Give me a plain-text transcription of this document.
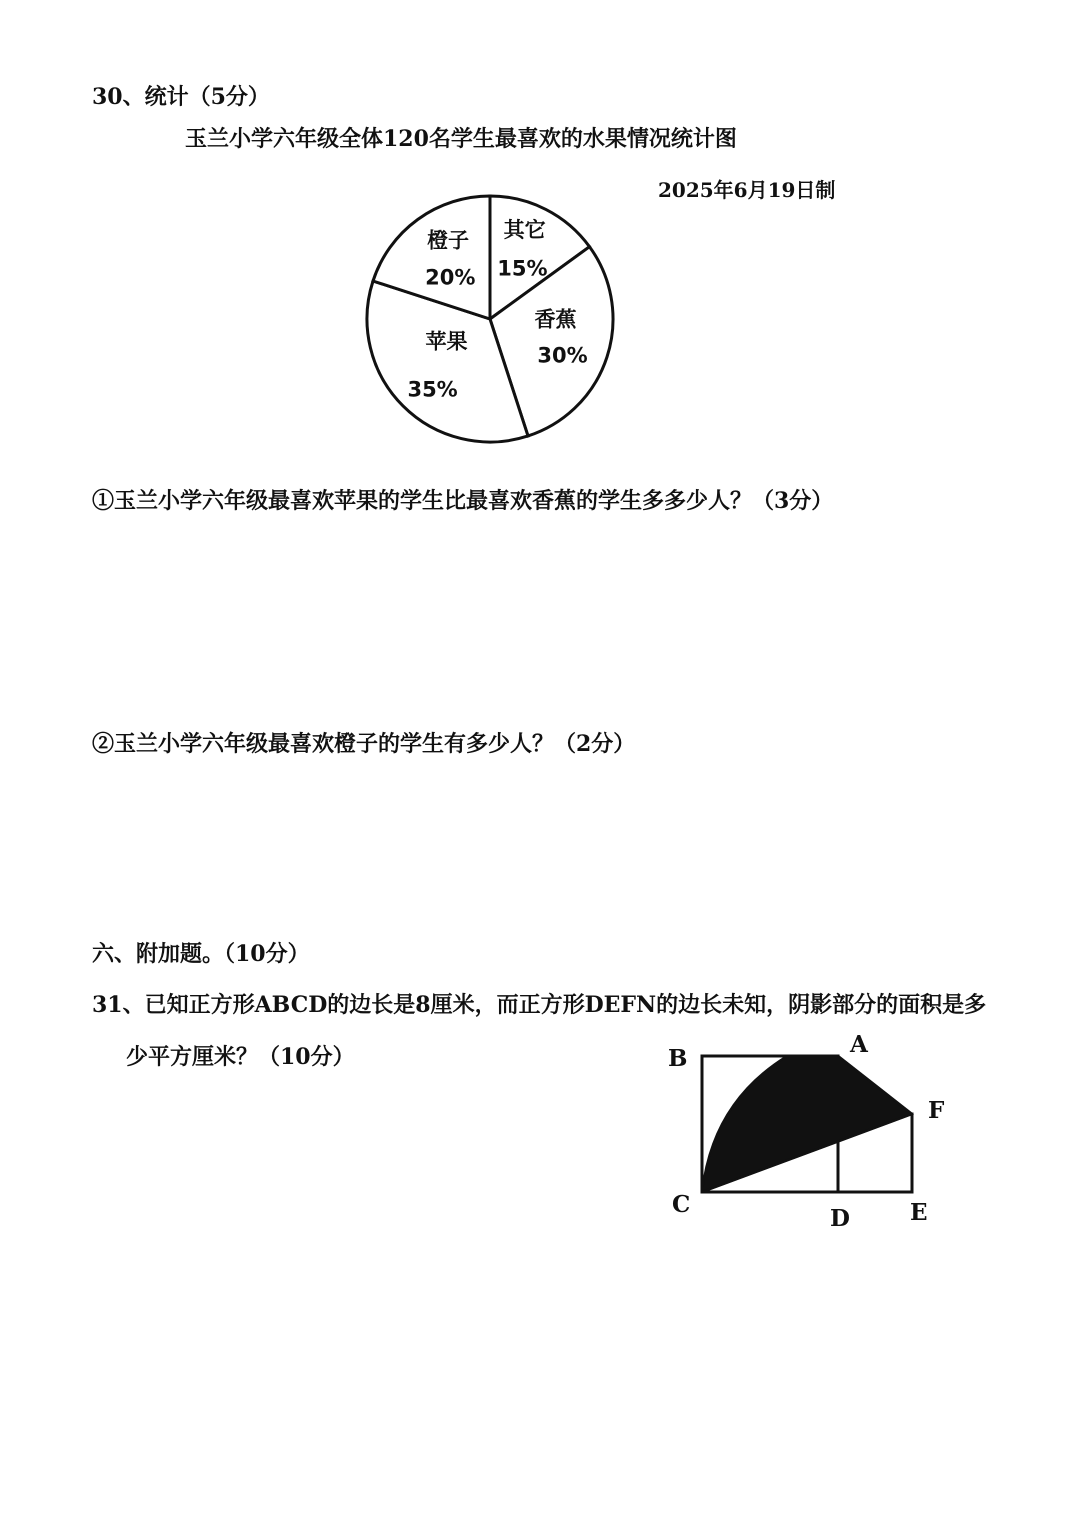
30、统计（5分）
玉兰小学六年级全体120名学生最喜欢的水果情况统计图
2025年6月19日制
其它
15%
香蕉
30%
苹果
35%
橙子
20%
①玉兰小学六年级最喜欢苹果的学生比最喜欢香蕉的学生多多少人？（3分）
②玉兰小学六年级最喜欢橙子的学生有多少人？（2分）
六、附加题。（10分）
31、已知正方形ABCD的边长是8厘米，而正方形DEFN的边长未知，阴影部分的面积是多
少平方厘米？（10分）	B
A
F
C
D	E
